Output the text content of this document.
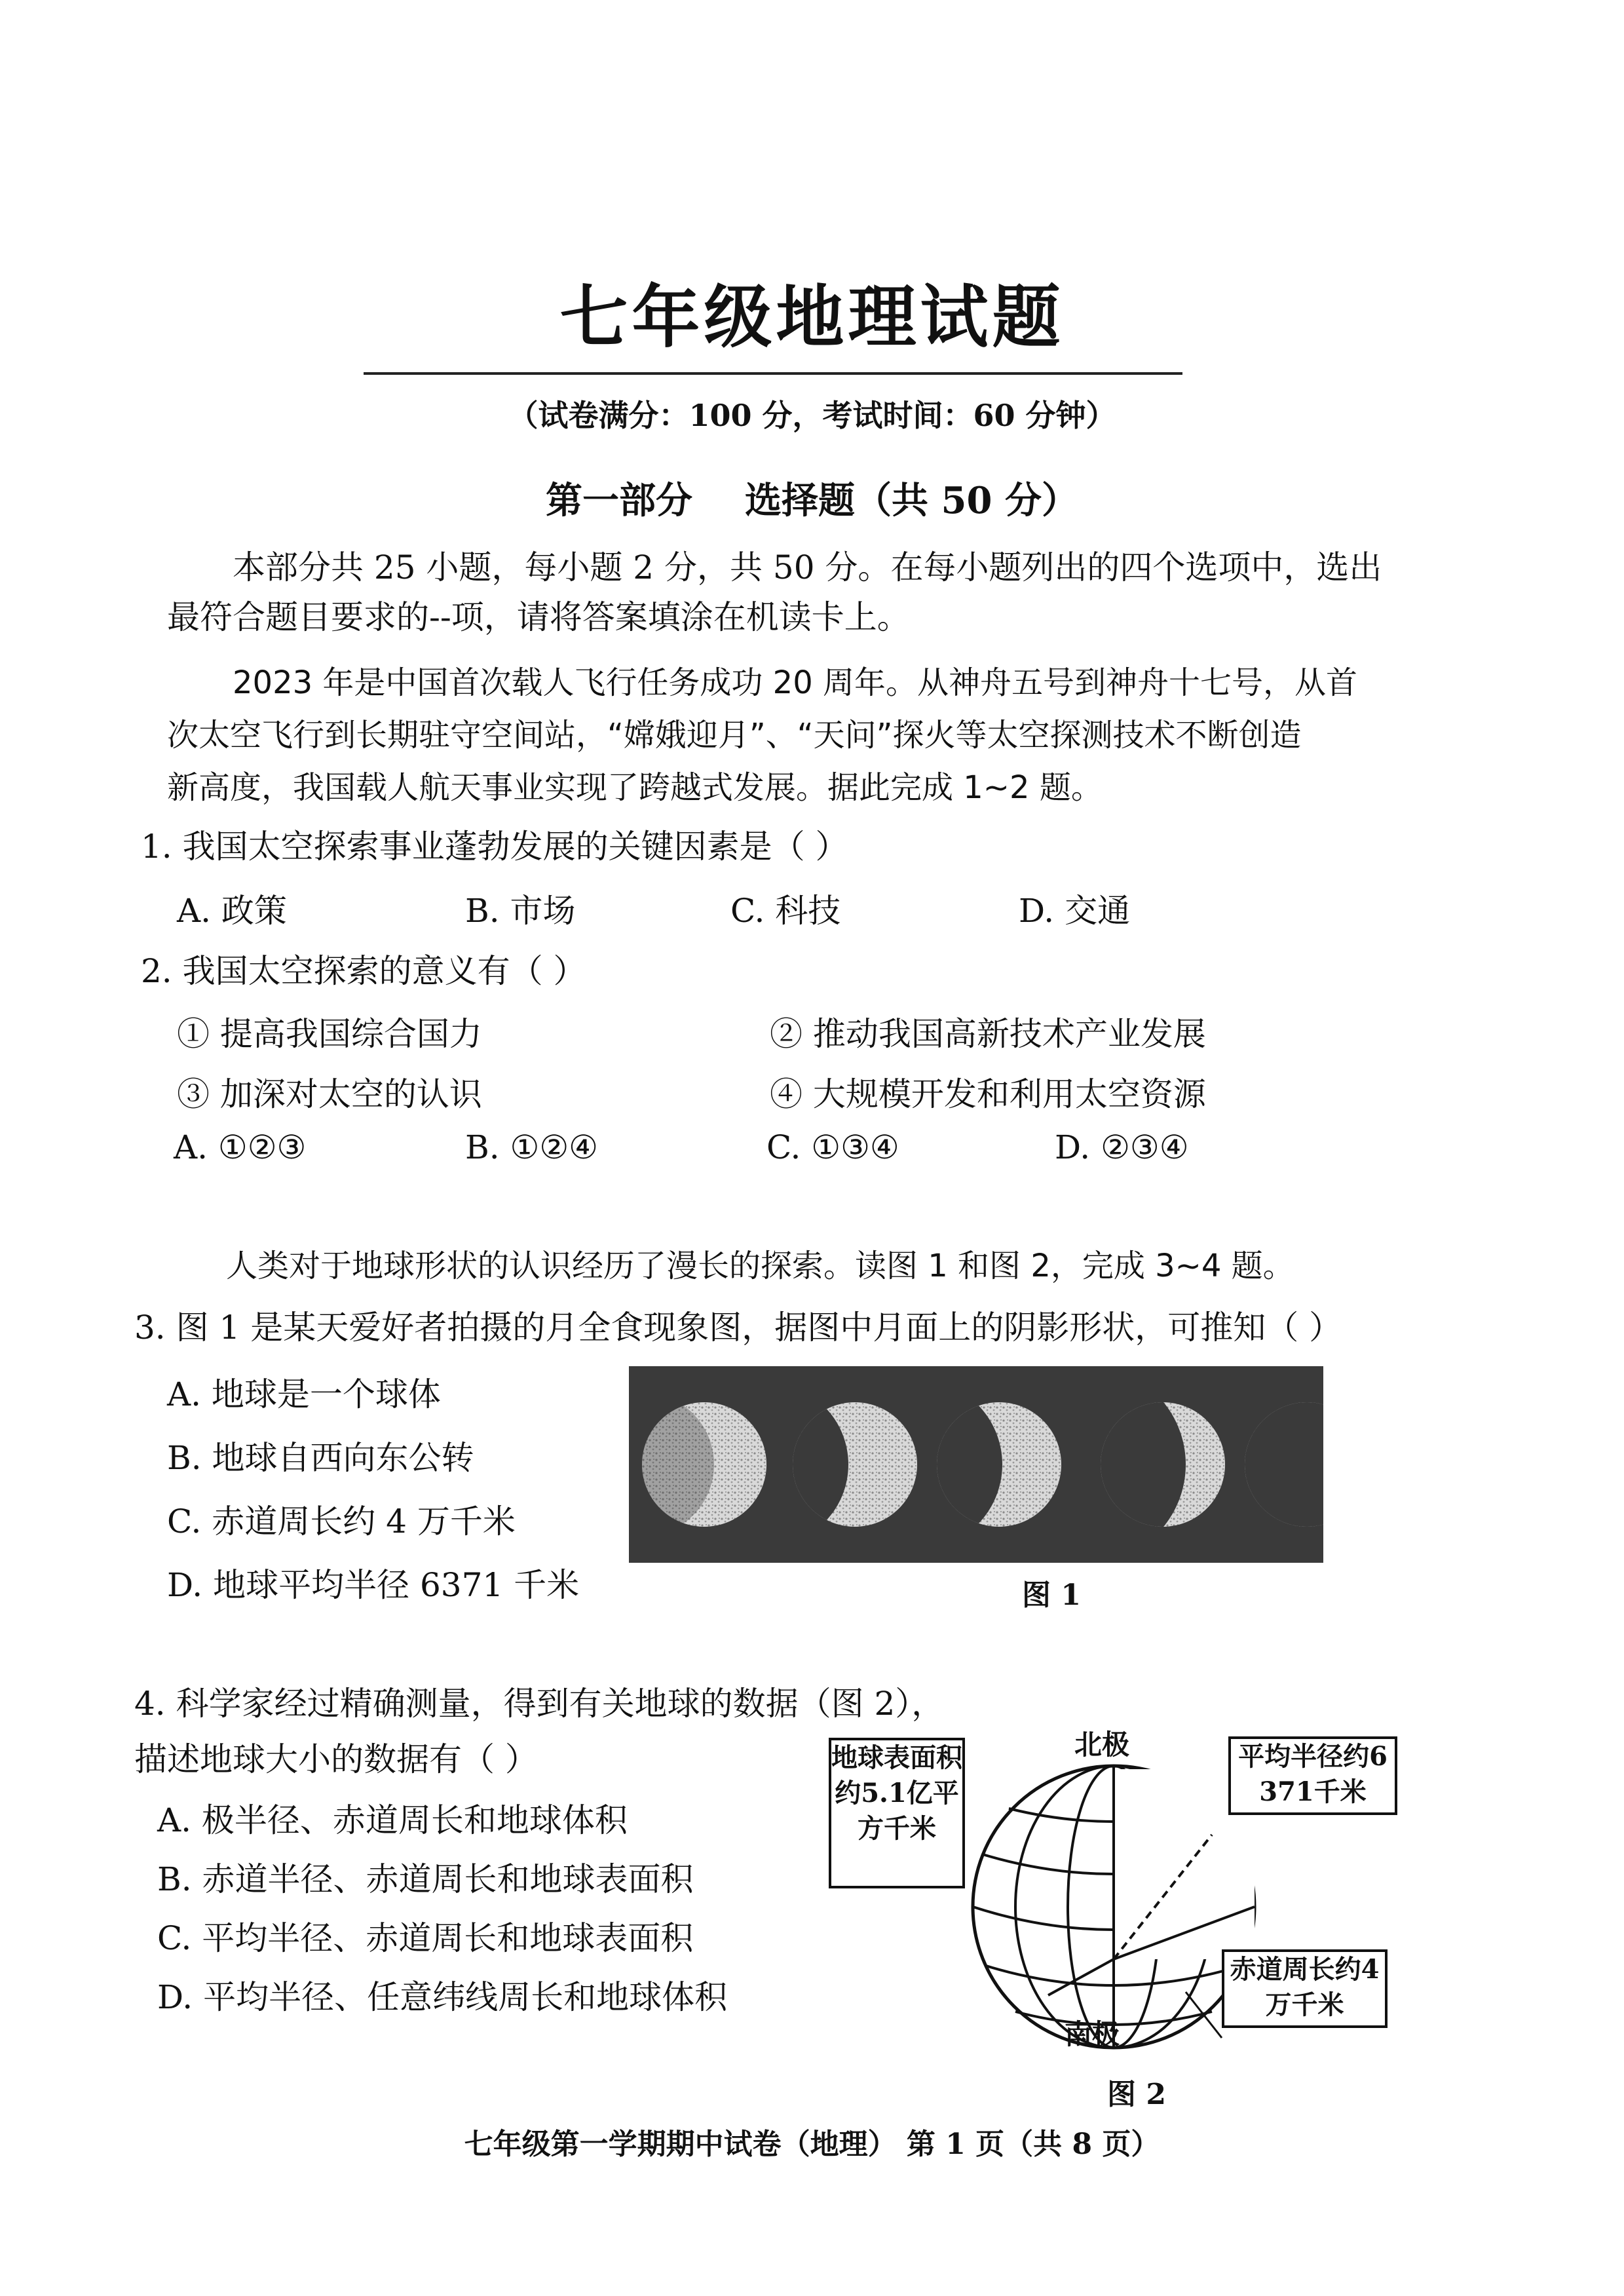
七年级地理试题
（试卷满分：100 分，考试时间：60 分钟）
第一部分 选择题（共 50 分）
本部分共 25 小题，每小题 2 分，共 50 分。在每小题列出的四个选项中，选出
最符合题目要求的--项，请将答案填涂在机读卡上。
2023 年是中国首次载人飞行任务成功 20 周年。从神舟五号到神舟十七号，从首
次太空飞行到长期驻守空间站，“嫦娥迎月”、“天问”探火等太空探测技术不断创造
新高度，我国载人航天事业实现了跨越式发展。据此完成 1~2 题。
1. 我国太空探索事业蓬勃发展的关键因素是（ ）
A. 政策	B. 市场	C. 科技	D. 交通
2. 我国太空探索的意义有（ ）
① 提高我国综合国力	② 推动我国高新技术产业发展
③ 加深对太空的认识	④ 大规模开发和利用太空资源
A. ①②③	B. ①②④	C. ①③④	D. ②③④
人类对于地球形状的认识经历了漫长的探索。读图 1 和图 2，完成 3~4 题。
3. 图 1 是某天爱好者拍摄的月全食现象图，据图中月面上的阴影形状，可推知（ ）
A. 地球是一个球体
B. 地球自西向东公转
C. 赤道周长约 4 万千米
D. 地球平均半径 6371 千米	图 1
4. 科学家经过精确测量，得到有关地球的数据（图 2），
描述地球大小的数据有（ ）
A. 极半径、赤道周长和地球体积
B. 赤道半径、赤道周长和地球表面积
C. 平均半径、赤道周长和地球表面积
D. 平均半径、任意纬线周长和地球体积
北极
南极
地球表面积约5.1亿平方千米
平均半径约6 371千米
赤道周长约4万千米
图 2
七年级第一学期期中试卷（地理） 第 1 页（共 8 页）
